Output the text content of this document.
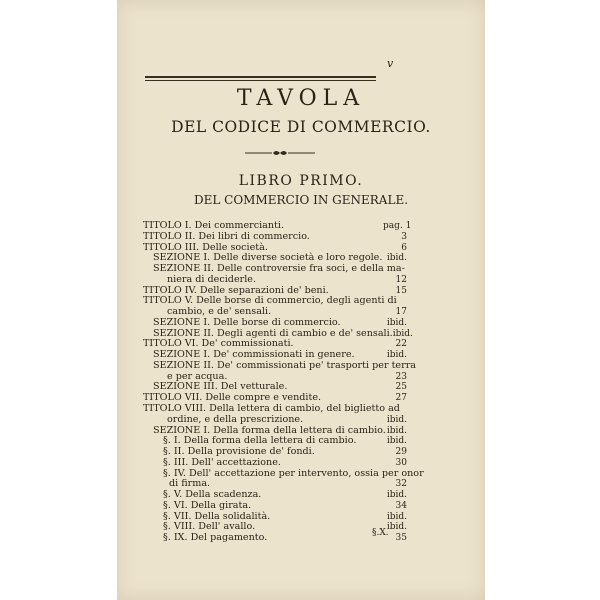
v
TAVOLA
DEL CODICE DI COMMERCIO.
LIBRO PRIMO.
DEL COMMERCIO IN GENERALE.
TITOLO I. Dei commercianti.	pag. 1
TITOLO II. Dei libri di commercio.	3
TITOLO III. Delle società.	6
SEZIONE I. Delle diverse società e loro regole. ibid.
SEZIONE II. Delle controversie fra soci, e della ma-
niera di deciderle.	12
TITOLO IV. Delle separazioni de' beni.	15
TITOLO V. Delle borse di commercio, degli agenti di
cambio, e de' sensali.	17
SEZIONE I. Delle borse di commercio.	ibid.
SEZIONE II. Degli agenti di cambio e de' sensali. ibid.
TITOLO VI. De' commissionati.	22
SEZIONE I. De' commissionati in genere.	ibid.
SEZIONE II. De' commissionati pe' trasporti per terra
e per acqua.	23
SEZIONE III. Del vetturale.	25
TITOLO VII. Delle compre e vendite.	27
TITOLO VIII. Della lettera di cambio, del biglietto ad
ordine, e della prescrizione.	ibid.
SEZIONE I. Della forma della lettera di cambio. ibid.
§. I. Della forma della lettera di cambio.	ibid.
§. II. Della provisione de' fondi.	29
§. III. Dell' accettazione.	30
§. IV. Dell' accettazione per intervento, ossia per onor
di firma.	32
§. V. Della scadenza.	ibid.
§. VI. Della girata.	34
§. VII. Della solidalità.	ibid.
§. VIII. Dell' avallo.	ibid.
§. IX. Del pagamento.	35
§.X.
